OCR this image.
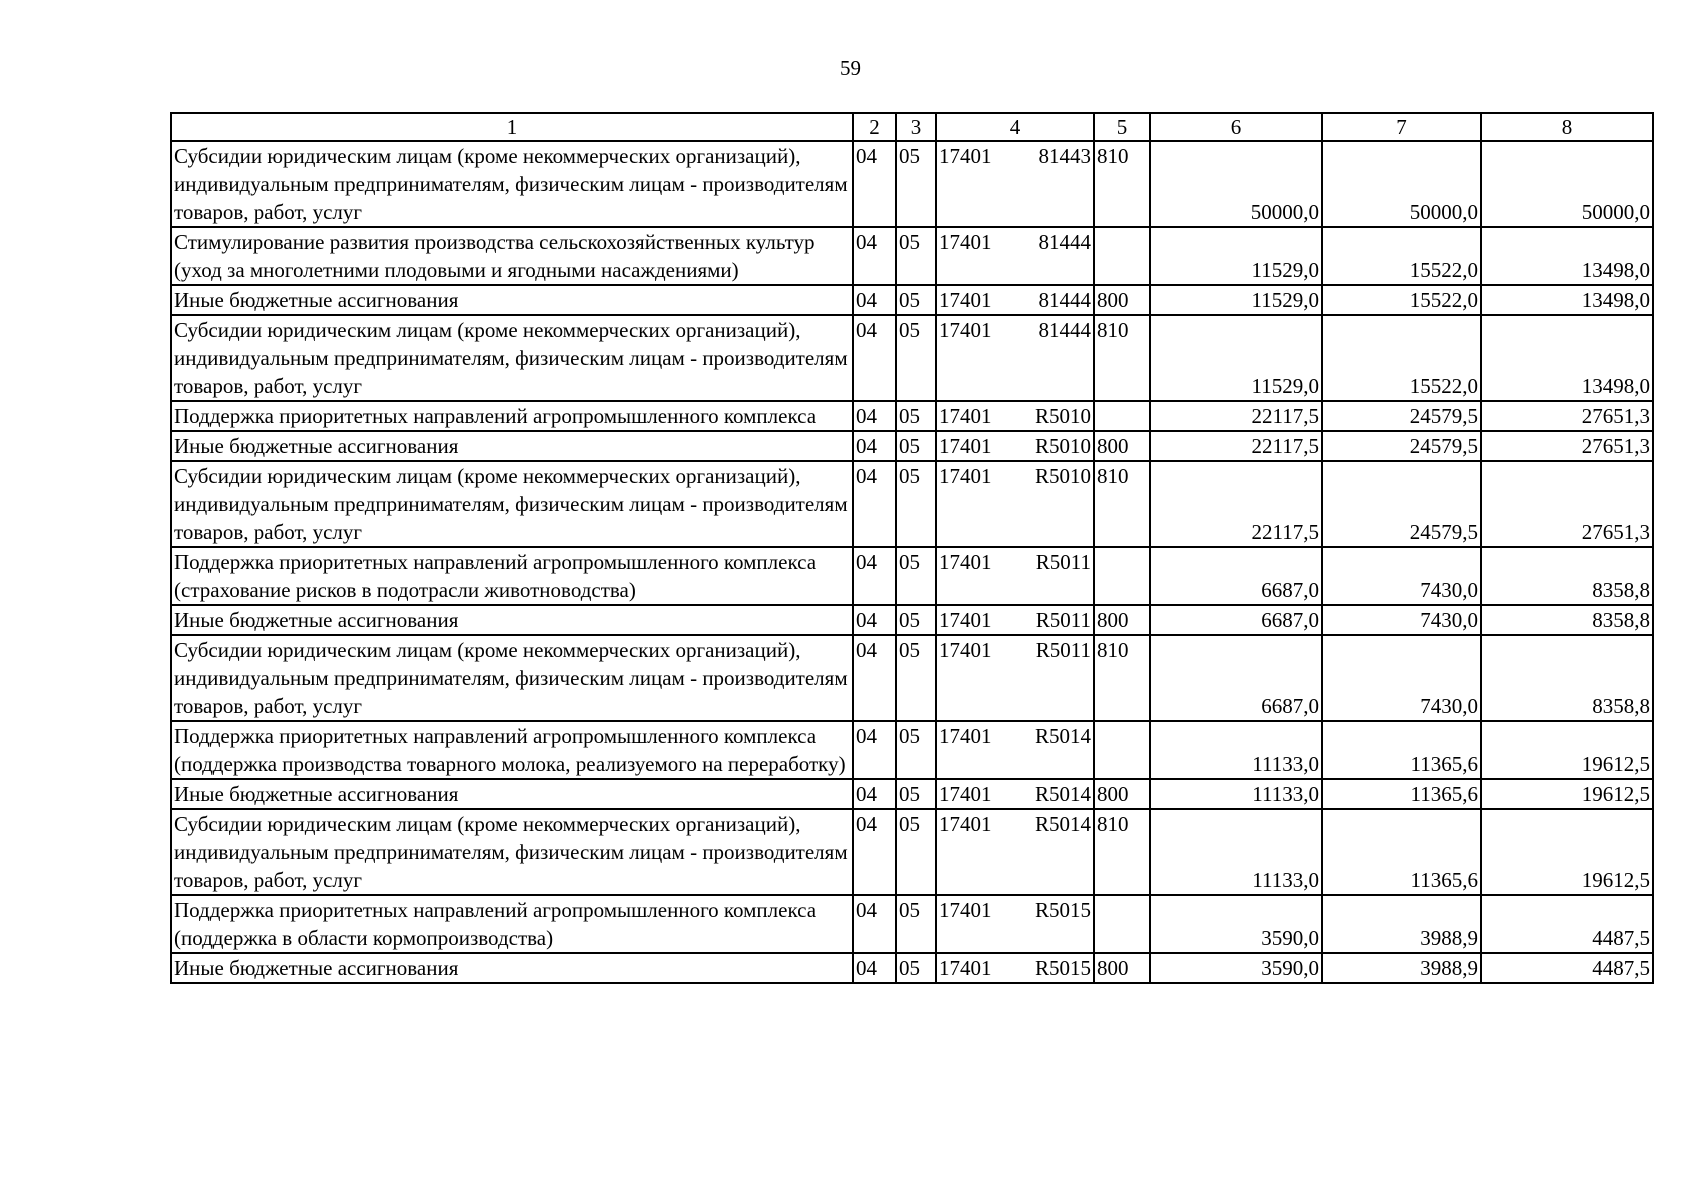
59
1	2	3	4	5	6	7	8
Субсидии юридическим лицам (кроме некоммерческих организаций), индивидуальным предпринимателям, физическим лицам - производителям товаров, работ, услуг	04	05	17401 81443	810	50000,0	50000,0	50000,0
Стимулирование развития производства сельскохозяйственных культур (уход за многолетними плодовыми и ягодными насаждениями)	04	05	17401 81444		11529,0	15522,0	13498,0
Иные бюджетные ассигнования	04	05	17401 81444	800	11529,0	15522,0	13498,0
Субсидии юридическим лицам (кроме некоммерческих организаций), индивидуальным предпринимателям, физическим лицам - производителям товаров, работ, услуг	04	05	17401 81444	810	11529,0	15522,0	13498,0
Поддержка приоритетных направлений агропромышленного комплекса	04	05	17401 R5010		22117,5	24579,5	27651,3
Иные бюджетные ассигнования	04	05	17401 R5010	800	22117,5	24579,5	27651,3
Субсидии юридическим лицам (кроме некоммерческих организаций), индивидуальным предпринимателям, физическим лицам - производителям товаров, работ, услуг	04	05	17401 R5010	810	22117,5	24579,5	27651,3
Поддержка приоритетных направлений агропромышленного комплекса (страхование рисков в подотрасли животноводства)	04	05	17401 R5011		6687,0	7430,0	8358,8
Иные бюджетные ассигнования	04	05	17401 R5011	800	6687,0	7430,0	8358,8
Субсидии юридическим лицам (кроме некоммерческих организаций), индивидуальным предпринимателям, физическим лицам - производителям товаров, работ, услуг	04	05	17401 R5011	810	6687,0	7430,0	8358,8
Поддержка приоритетных направлений агропромышленного комплекса (поддержка производства товарного молока, реализуемого на переработку)	04	05	17401 R5014		11133,0	11365,6	19612,5
Иные бюджетные ассигнования	04	05	17401 R5014	800	11133,0	11365,6	19612,5
Субсидии юридическим лицам (кроме некоммерческих организаций), индивидуальным предпринимателям, физическим лицам - производителям товаров, работ, услуг	04	05	17401 R5014	810	11133,0	11365,6	19612,5
Поддержка приоритетных направлений агропромышленного комплекса (поддержка в области кормопроизводства)	04	05	17401 R5015		3590,0	3988,9	4487,5
Иные бюджетные ассигнования	04	05	17401 R5015	800	3590,0	3988,9	4487,5
